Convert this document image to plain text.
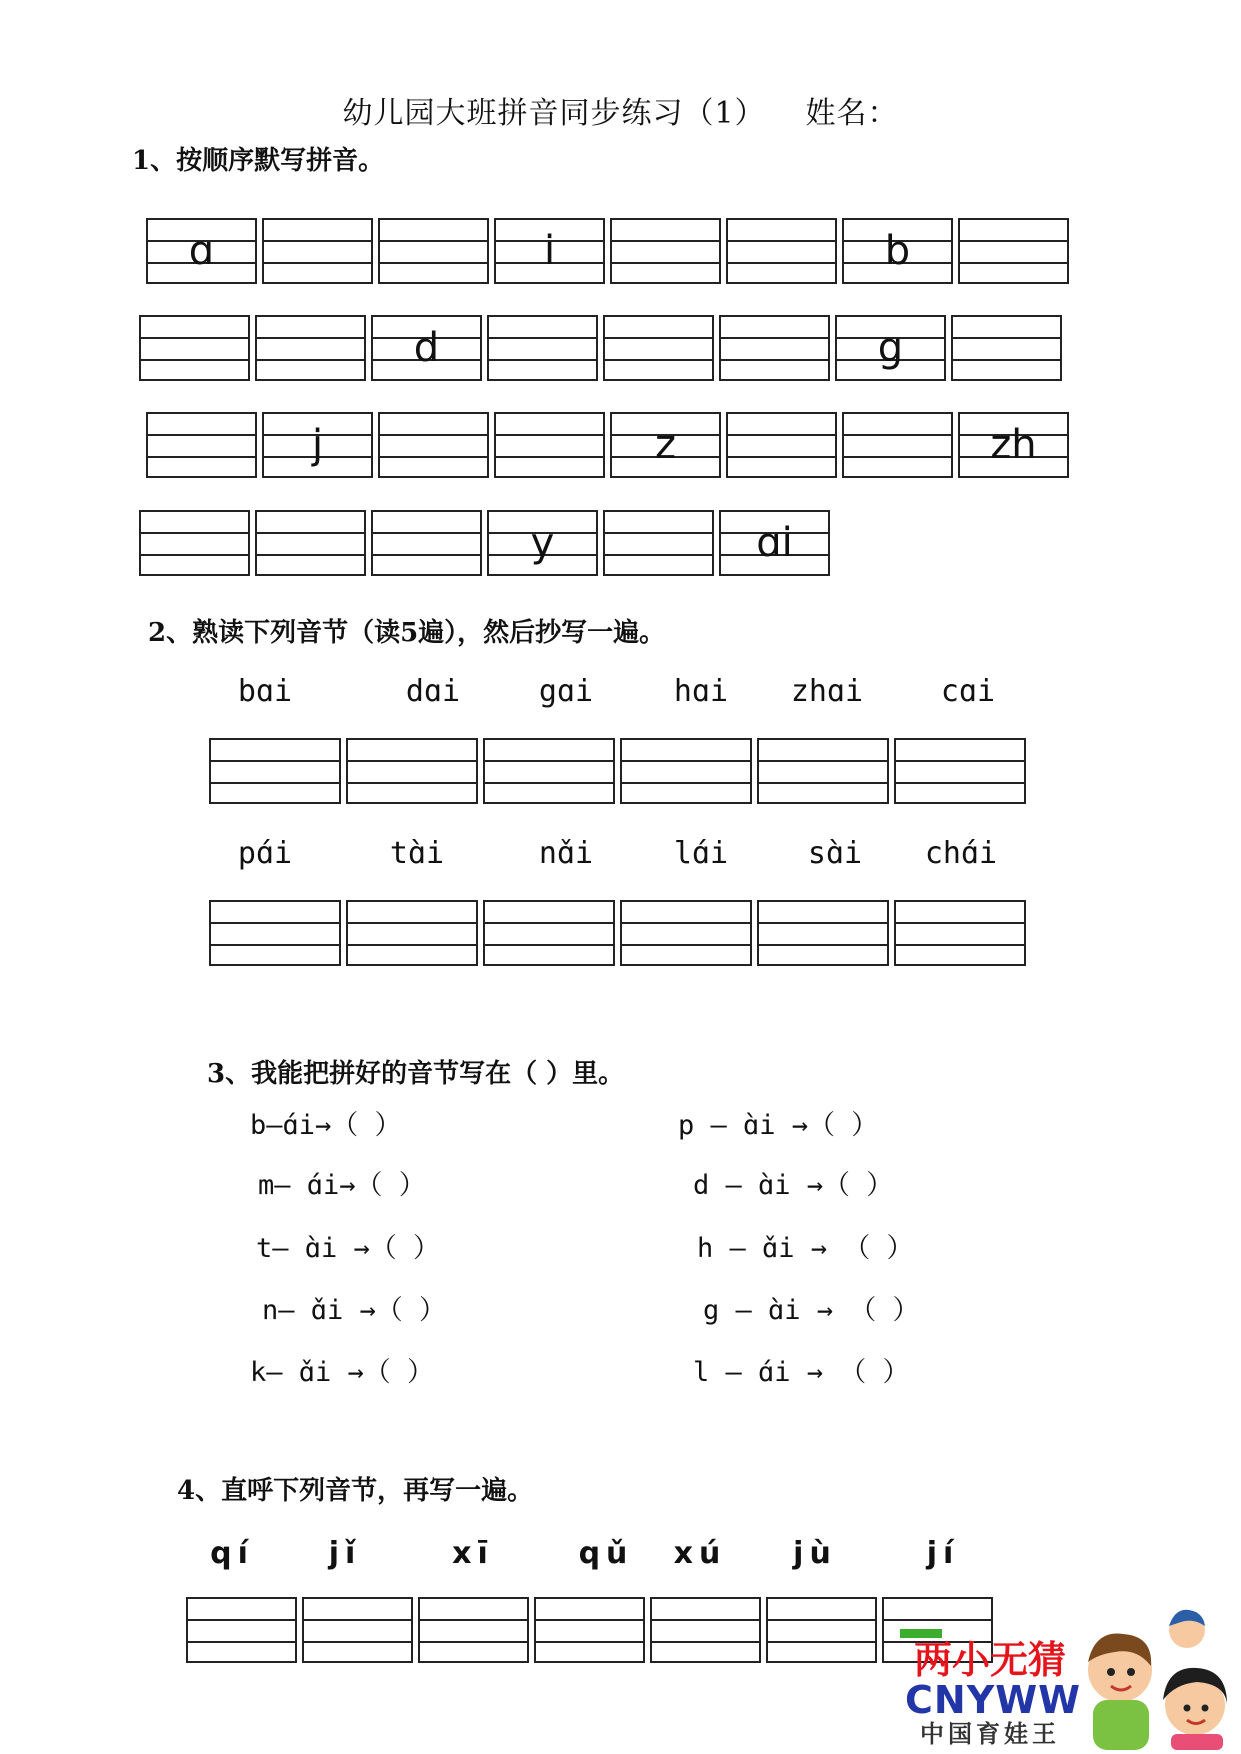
幼儿园大班拼音同步练习（1） 姓名：
1、按顺序默写拼音。
ɑ	i	b
d	g
j	z	zh
y	ɑi
2、熟读下列音节（读5遍），然后抄写一遍。
bɑi	dɑi	gɑi	hɑi	zhɑi	cɑi
pɑ́i	tɑ̀i	nɑ̌i	lɑ́i	sɑ̀i	chɑ́i
3、我能把拼好的音节写在（ ）里。
b—ɑ́i→（ ）
m— ɑ́i→（ ）
t— ɑ̀i →（ ）
n— ɑ̌i →（ ）
k— ɑ̌i →（ ）
p — ɑ̀i →（ ）
d — ɑ̀i →（ ）
h — ɑ̌i → （ ）
g — ɑ̀i → （ ）
l — ɑ́i → （ ）
4、直呼下列音节，再写一遍。
qí	jǐ	xī	qǔ	xú	jù	jí
两小无猜
CNYWW
中国育娃王
